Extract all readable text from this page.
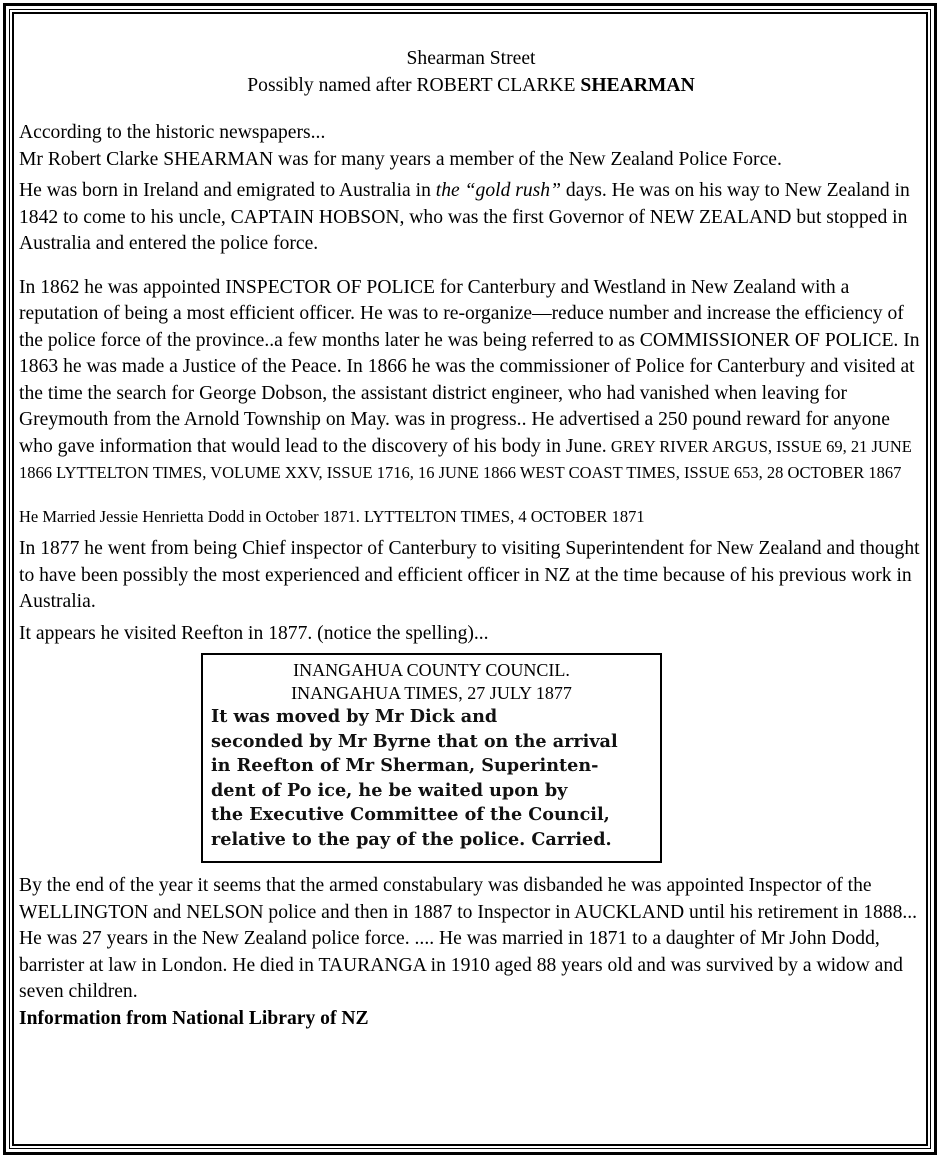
Shearman Street
Possibly named after ROBERT CLARKE SHEARMAN

According to the historic newspapers...

Mr Robert Clarke SHEARMAN was for many years a member of the New Zealand Police Force.

He was born in Ireland and emigrated to Australia in the “gold rush” days. He was on his way to New Zealand in 1842 to come to his uncle, CAPTAIN HOBSON, who was the first Governor of NEW ZEALAND but stopped in Australia and entered the police force.

In 1862 he was appointed INSPECTOR OF POLICE for Canterbury and Westland in New Zealand with a reputation of being a most efficient officer. He was to re-organize—reduce number and increase the efficiency of the police force of the province..a few months later he was being referred to as COMMISSIONER OF POLICE. In 1863 he was made a Justice of the Peace. In 1866 he was the commissioner of Police for Canterbury and visited at the time the search for George Dobson, the assistant district engineer, who had vanished when leaving for Greymouth from the Arnold Township on May. was in progress.. He advertised a 250 pound reward for anyone who gave information that would lead to the discovery of his body in June. GREY RIVER ARGUS, ISSUE 69, 21 JUNE 1866 LYTTELTON TIMES, VOLUME XXV, ISSUE 1716, 16 JUNE 1866 WEST COAST TIMES, ISSUE 653, 28 OCTOBER 1867

He Married Jessie Henrietta Dodd in October 1871. LYTTELTON TIMES, 4 OCTOBER 1871

In 1877 he went from being Chief inspector of Canterbury to visiting Superintendent for New Zealand and thought to have been possibly the most experienced and efficient officer in NZ at the time because of his previous work in Australia.

It appears he visited Reefton in 1877. (notice the spelling)...

INANGAHUA COUNTY COUNCIL.
INANGAHUA TIMES, 27 JULY 1877
It was moved by Mr Dick and
seconded by Mr Byrne that on the arrival
in Reefton of Mr Sherman, Superinten-
dent of Po ice, he be waited upon by
the Executive Committee of the Council,
relative to the pay of the police. Carried.

By the end of the year it seems that the armed constabulary was disbanded he was appointed Inspector of the WELLINGTON and NELSON police and then in 1887 to Inspector in AUCKLAND until his retirement in 1888... He was 27 years in the New Zealand police force. .... He was married in 1871 to a daughter of Mr John Dodd, barrister at law in London. He died in TAURANGA in 1910 aged 88 years old and was survived by a widow and seven children.

Information from National Library of NZ
